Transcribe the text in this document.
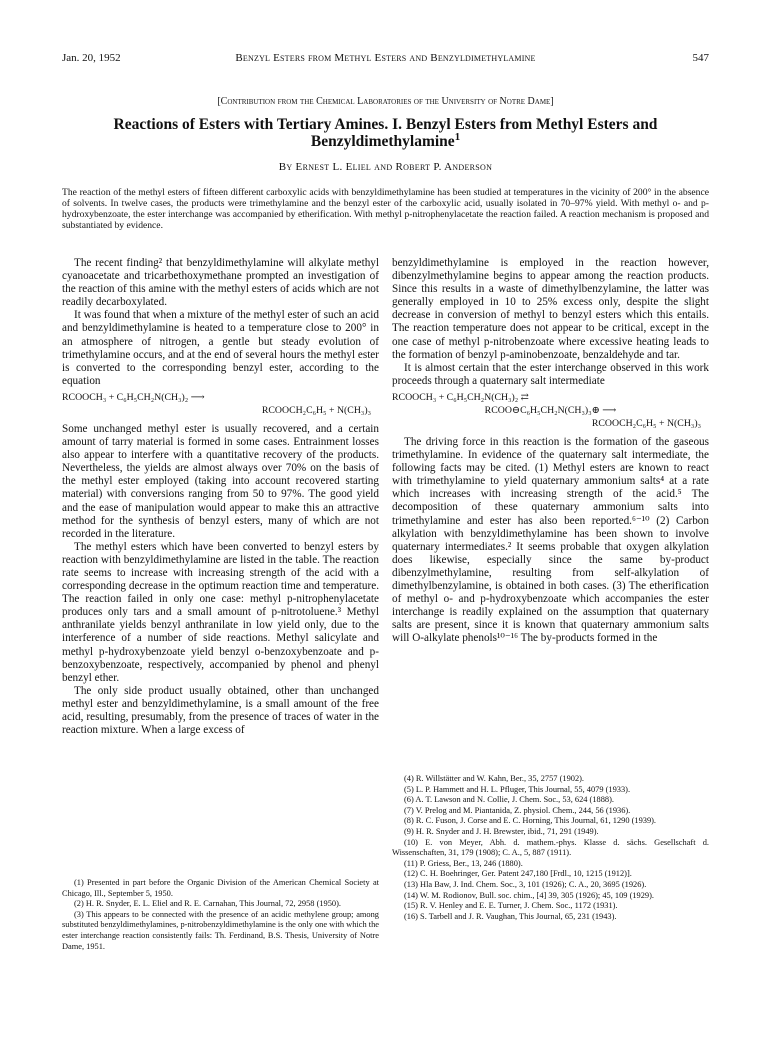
Jan. 20, 1952	Benzyl Esters from Methyl Esters and Benzyldimethylamine	547
[Contribution from the Chemical Laboratories of the University of Notre Dame]
Reactions of Esters with Tertiary Amines. I. Benzyl Esters from Methyl Esters and Benzyldimethylamine$^1$
By Ernest L. Eliel and Robert P. Anderson
The reaction of the methyl esters of fifteen different carboxylic acids with benzyldimethylamine has been studied at temperatures in the vicinity of 200° in the absence of solvents. In twelve cases, the products were trimethylamine and the benzyl ester of the carboxylic acid, usually isolated in 70–97% yield. With methyl o- and p-hydroxybenzoate, the ester interchange was accompanied by etherification. With methyl p-nitrophenylacetate the reaction failed. A reaction mechanism is proposed and substantiated by evidence.

The recent finding² that benzyldimethylamine will alkylate methyl cyanoacetate and tricarbethoxymethane prompted an investigation of the reaction of this amine with the methyl esters of acids which are not readily decarboxylated.

It was found that when a mixture of the methyl ester of such an acid and benzyldimethylamine is heated to a temperature close to 200° in an atmosphere of nitrogen, a gentle but steady evolution of trimethylamine occurs, and at the end of several hours the methyl ester is converted to the corresponding benzyl ester, according to the equation

RCOOCH₃ + C₆H₅CH₂N(CH₃)₂ ⟶
RCOOCH₂C₆H₅ + N(CH₃)₃

Some unchanged methyl ester is usually recovered, and a certain amount of tarry material is formed in some cases. Entrainment losses also appear to interfere with a quantitative recovery of the products. Nevertheless, the yields are almost always over 70% on the basis of the methyl ester employed (taking into account recovered starting material) with conversions ranging from 50 to 97%. The good yield and the ease of manipulation would appear to make this an attractive method for the synthesis of benzyl esters, many of which are not recorded in the literature.

The methyl esters which have been converted to benzyl esters by reaction with benzyldimethylamine are listed in the table. The reaction rate seems to increase with increasing strength of the acid with a corresponding decrease in the optimum reaction time and temperature. The reaction failed in only one case: methyl p-nitrophenylacetate produces only tars and a small amount of p-nitrotoluene.³ Methyl anthranilate yields benzyl anthranilate in low yield only, due to the interference of a number of side reactions. Methyl salicylate and methyl p-hydroxybenzoate yield benzyl o-benzoxybenzoate and p-benzoxybenzoate, respectively, accompanied by phenol and phenyl benzyl ether.

The only side product usually obtained, other than unchanged methyl ester and benzyldimethylamine, is a small amount of the free acid, resulting, presumably, from the presence of traces of water in the reaction mixture. When a large excess of

(1) Presented in part before the Organic Division of the American Chemical Society at Chicago, Ill., September 5, 1950.

(2) H. R. Snyder, E. L. Eliel and R. E. Carnahan, This Journal, 72, 2958 (1950).

(3) This appears to be connected with the presence of an acidic methylene group; among substituted benzyldimethylamines, p-nitrobenzyldimethylamine is the only one with which the ester interchange reaction consistently fails: Th. Ferdinand, B.S. Thesis, University of Notre Dame, 1951.

benzyldimethylamine is employed in the reaction however, dibenzylmethylamine begins to appear among the reaction products. Since this results in a waste of dimethylbenzylamine, the latter was generally employed in 10 to 25% excess only, despite the slight decrease in conversion of methyl to benzyl esters which this entails. The reaction temperature does not appear to be critical, except in the one case of methyl p-nitrobenzoate where excessive heating leads to the formation of benzyl p-aminobenzoate, benzaldehyde and tar.

It is almost certain that the ester interchange observed in this work proceeds through a quaternary salt intermediate

RCOOCH₃ + C₆H₅CH₂N(CH₃)₂ ⇄
RCOO⊖C₆H₅CH₂N(CH₃)₃⊕ ⟶
RCOOCH₂C₆H₅ + N(CH₃)₃

The driving force in this reaction is the formation of the gaseous trimethylamine. In evidence of the quaternary salt intermediate, the following facts may be cited. (1) Methyl esters are known to react with trimethylamine to yield quaternary ammonium salts⁴ at a rate which increases with increasing strength of the acid.⁵ The decomposition of these quaternary ammonium salts into trimethylamine and ester has also been reported.⁶⁻¹⁰ (2) Carbon alkylation with benzyldimethylamine has been shown to involve quaternary intermediates.² It seems probable that oxygen alkylation does likewise, especially since the same by-product dibenzylmethylamine, resulting from self-alkylation of dimethylbenzylamine, is obtained in both cases. (3) The etherification of methyl o- and p-hydroxybenzoate which accompanies the ester interchange is readily explained on the assumption that quaternary salts are present, since it is known that quaternary ammonium salts will O-alkylate phenols¹⁰⁻¹⁶ The by-products formed in the

(4) R. Willstätter and W. Kahn, Ber., 35, 2757 (1902).

(5) L. P. Hammett and H. L. Pfluger, This Journal, 55, 4079 (1933).

(6) A. T. Lawson and N. Collie, J. Chem. Soc., 53, 624 (1888).

(7) V. Prelog and M. Piantanida, Z. physiol. Chem., 244, 56 (1936).

(8) R. C. Fuson, J. Corse and E. C. Horning, This Journal, 61, 1290 (1939).

(9) H. R. Snyder and J. H. Brewster, ibid., 71, 291 (1949).

(10) E. von Meyer, Abh. d. mathem.-phys. Klasse d. sächs. Gesellschaft d. Wissenschaften, 31, 179 (1908); C. A., 5, 887 (1911).

(11) P. Griess, Ber., 13, 246 (1880).

(12) C. H. Boehringer, Ger. Patent 247,180 [Frdl., 10, 1215 (1912)].

(13) Hla Baw, J. Ind. Chem. Soc., 3, 101 (1926); C. A., 20, 3695 (1926).

(14) W. M. Rodionov, Bull. soc. chim., [4] 39, 305 (1926); 45, 109 (1929).

(15) R. V. Henley and E. E. Turner, J. Chem. Soc., 1172 (1931).

(16) S. Tarbell and J. R. Vaughan, This Journal, 65, 231 (1943).
